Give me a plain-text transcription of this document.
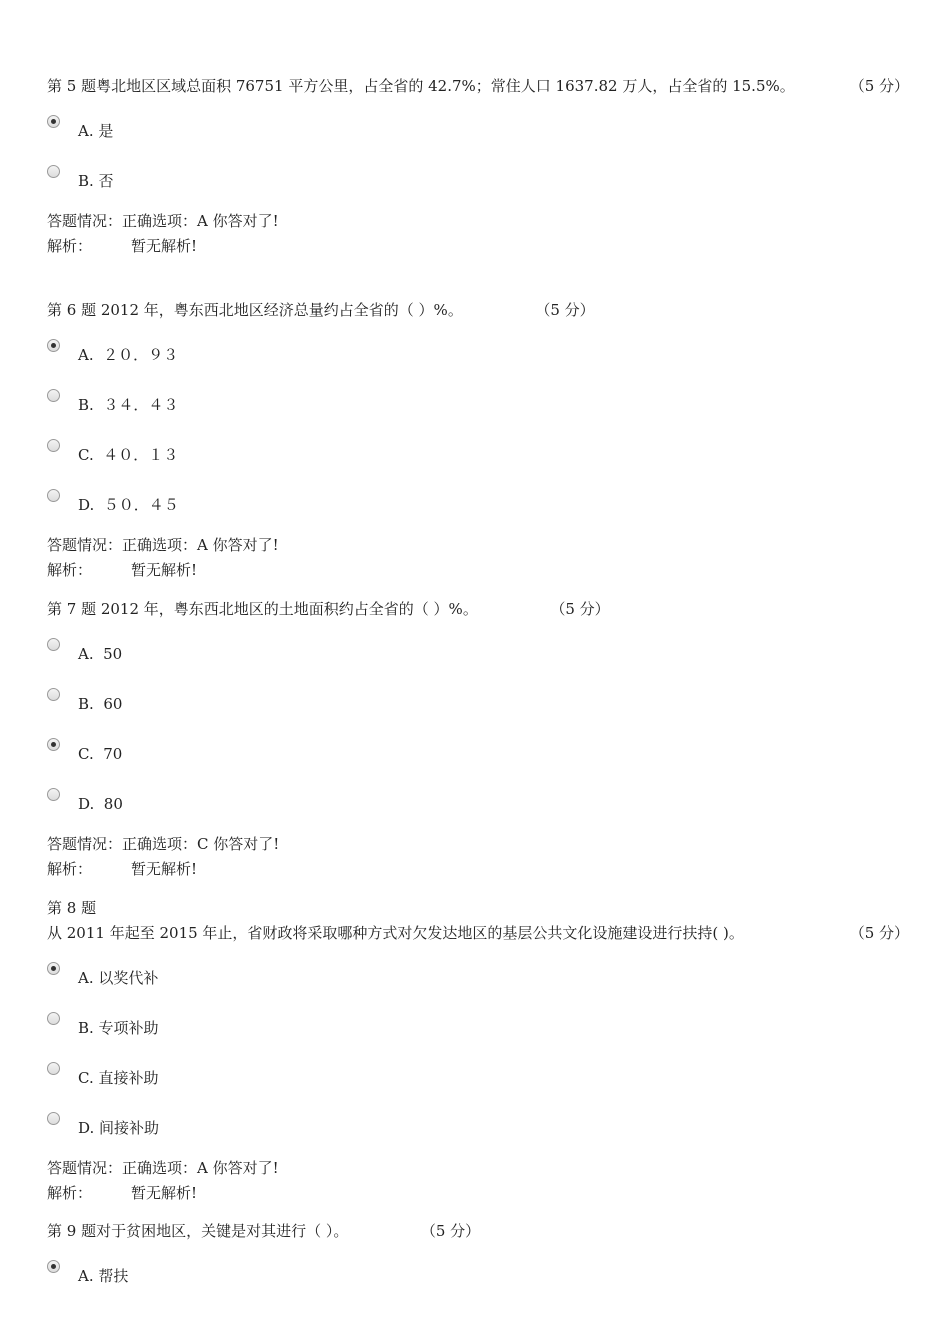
第 5 题粤北地区区域总面积 76751 平方公里，占全省的 42.7%；常住人口 1637.82 万人，占全省的 15.5%。	（5 分）
A. 是
B. 否
答题情况：正确选项：A 你答对了!
解析：	暂无解析!
第 6 题 2012 年，粤东西北地区经济总量约占全省的（ ）%。	（5 分）
A.  ２０．９３
B.  ３４．４３
C.  ４０．１３
D.  ５０．４５
答题情况：正确选项：A 你答对了!
解析：	暂无解析!
第 7 题 2012 年，粤东西北地区的土地面积约占全省的（ ）%。	（5 分）
A.  50
B.  60
C.  70
D.  80
答题情况：正确选项：C 你答对了!
解析：	暂无解析!
第 8 题
从 2011 年起至 2015 年止，省财政将采取哪种方式对欠发达地区的基层公共文化设施建设进行扶持( )。	（5 分）
A. 以奖代补
B. 专项补助
C. 直接补助
D. 间接补助
答题情况：正确选项：A 你答对了!
解析：	暂无解析!
第 9 题对于贫困地区，关键是对其进行（ ）。	（5 分）
A. 帮扶
